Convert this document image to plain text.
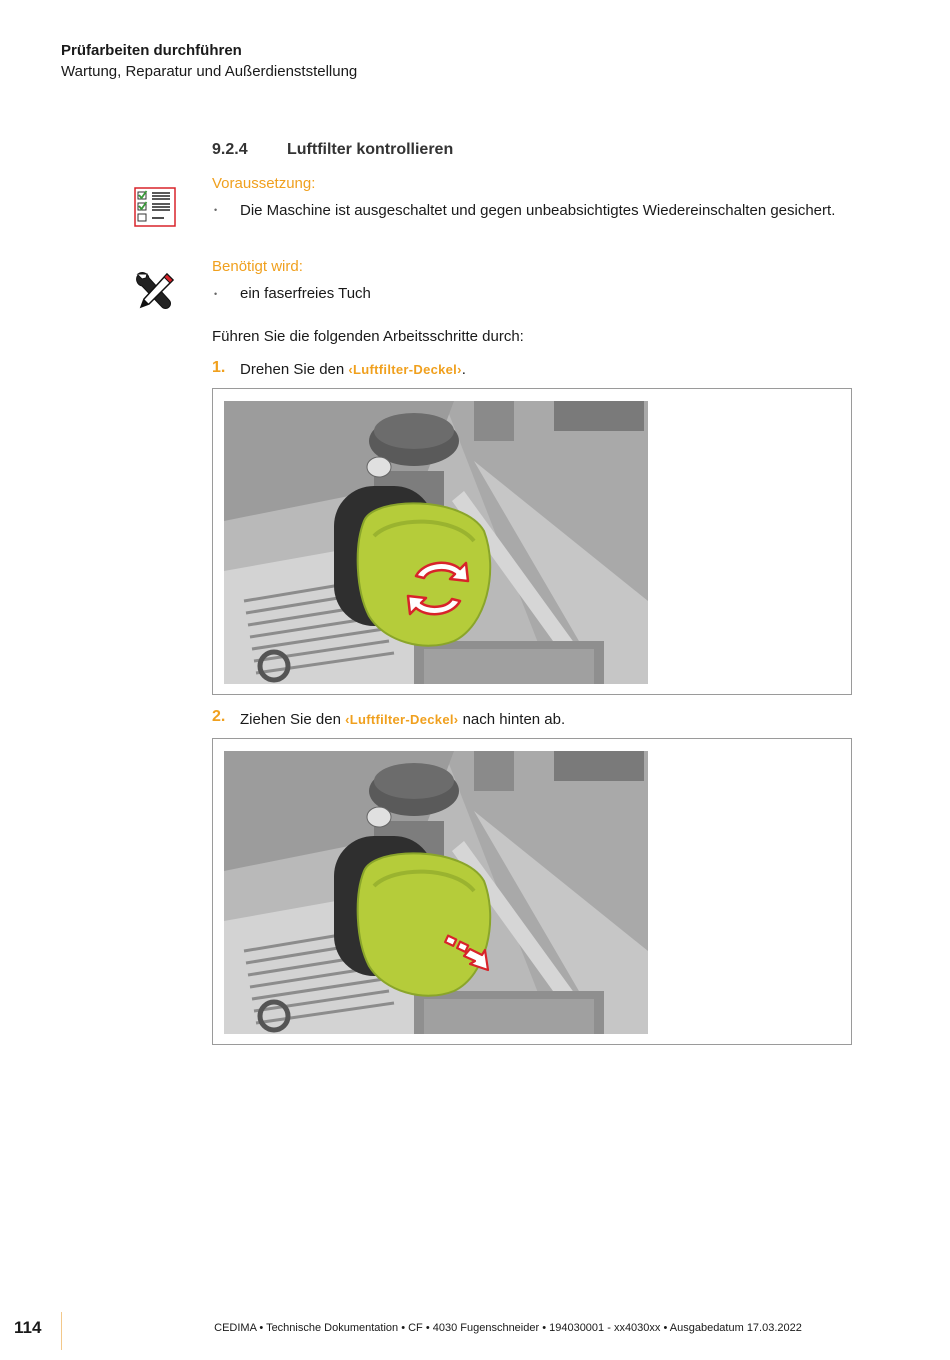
Prüfarbeiten durchführen
Wartung, Reparatur und Außerdienststellung
9.2.4 Luftfilter kontrollieren
Voraussetzung:
• Die Maschine ist ausgeschaltet und gegen unbeabsichtigtes Wiedereinschalten gesichert.
Benötigt wird:
• ein faserfreies Tuch
Führen Sie die folgenden Arbeitsschritte durch:
1. Drehen Sie den ‹Luftfilter-Deckel›.
2. Ziehen Sie den ‹Luftfilter-Deckel› nach hinten ab.
114	CEDIMA • Technische Dokumentation • CF • 4030 Fugenschneider • 194030001 - xx4030xx • Ausgabedatum 17.03.2022
